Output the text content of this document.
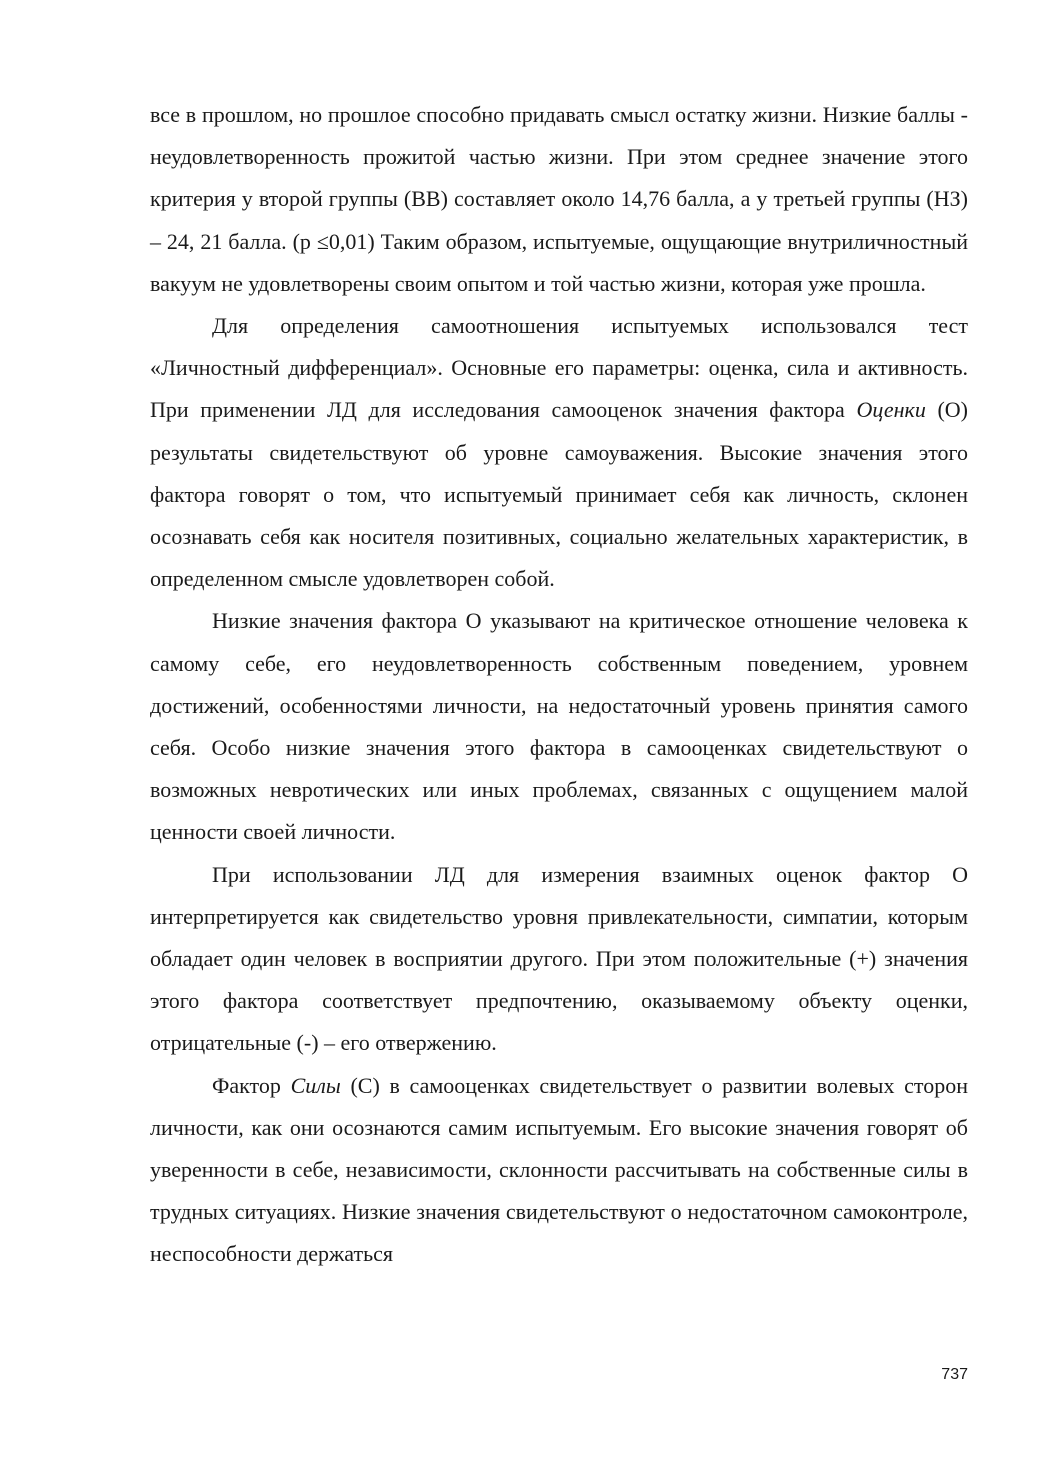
все в прошлом, но прошлое способно придавать смысл остатку жизни. Низкие баллы - неудовлетворенность прожитой частью жизни. При этом среднее значение этого критерия у второй группы (ВВ) составляет около 14,76 балла, а у третьей группы (НЗ) – 24, 21 балла. (р ≤0,01) Таким образом, испытуемые, ощущающие внутриличностный вакуум не удовлетворены своим опытом и той частью жизни, которая уже прошла.

Для определения самоотношения испытуемых использовался тест «Личностный дифференциал». Основные его параметры: оценка, сила и активность. При применении ЛД для исследования самооценок значения фактора Оценки (О) результаты свидетельствуют об уровне самоуважения. Высокие значения этого фактора говорят о том, что испытуемый принимает себя как личность, склонен осознавать себя как носителя позитивных, социально желательных характеристик, в определенном смысле удовлетворен собой.

Низкие значения фактора О указывают на критическое отношение человека к самому себе, его неудовлетворенность собственным поведением, уровнем достижений, особенностями личности, на недостаточный уровень принятия самого себя. Особо низкие значения этого фактора в самооценках свидетельствуют о возможных невротических или иных проблемах, связанных с ощущением малой ценности своей личности.

При использовании ЛД для измерения взаимных оценок фактор О интерпретируется как свидетельство уровня привлекательности, симпатии, которым обладает один человек в восприятии другого. При этом положительные (+) значения этого фактора соответствует предпочтению, оказываемому объекту оценки, отрицательные (-) – его отвержению.

Фактор Силы (С) в самооценках свидетельствует о развитии волевых сторон личности, как они осознаются самим испытуемым. Его высокие значения говорят об уверенности в себе, независимости, склонности рассчитывать на собственные силы в трудных ситуациях. Низкие значения свидетельствуют о недостаточном самоконтроле, неспособности держаться

737
